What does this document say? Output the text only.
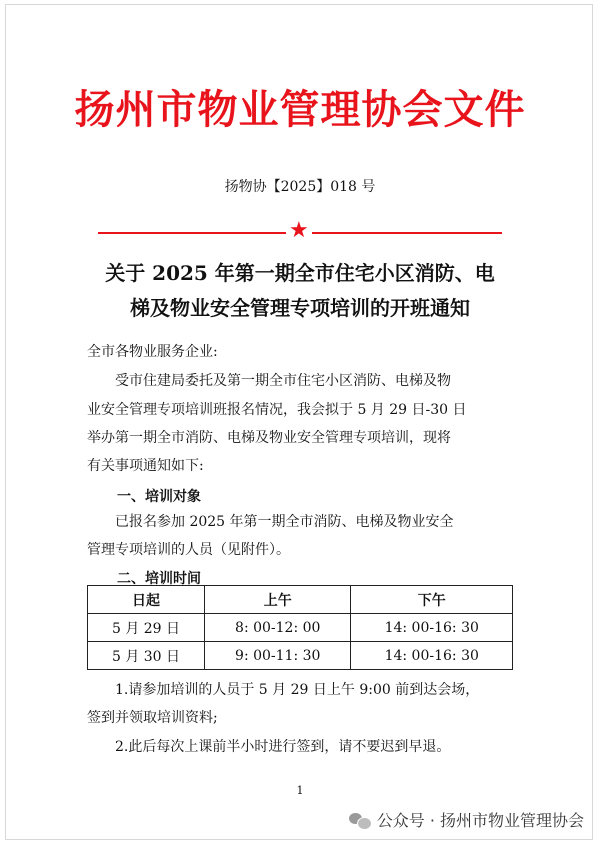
扬州市物业管理协会文件
扬物协【2025】018 号
★
关于 2025 年第一期全市住宅小区消防、电
梯及物业安全管理专项培训的开班通知
全市各物业服务企业:
受市住建局委托及第一期全市住宅小区消防、电梯及物
业安全管理专项培训班报名情况，我会拟于 5 月 29 日-30 日
举办第一期全市消防、电梯及物业安全管理专项培训，现将
有关事项通知如下:
一、培训对象
已报名参加 2025 年第一期全市消防、电梯及物业安全
管理专项培训的人员（见附件）。
二、培训时间
日起	上午	下午
5 月 29 日	8: 00-12: 00	14: 00-16: 30
5 月 30 日	9: 00-11: 30	14: 00-16: 30
1.请参加培训的人员于 5 月 29 日上午 9:00 前到达会场，
签到并领取培训资料;
2.此后每次上课前半小时进行签到，请不要迟到早退。
1
公众号 · 扬州市物业管理协会
